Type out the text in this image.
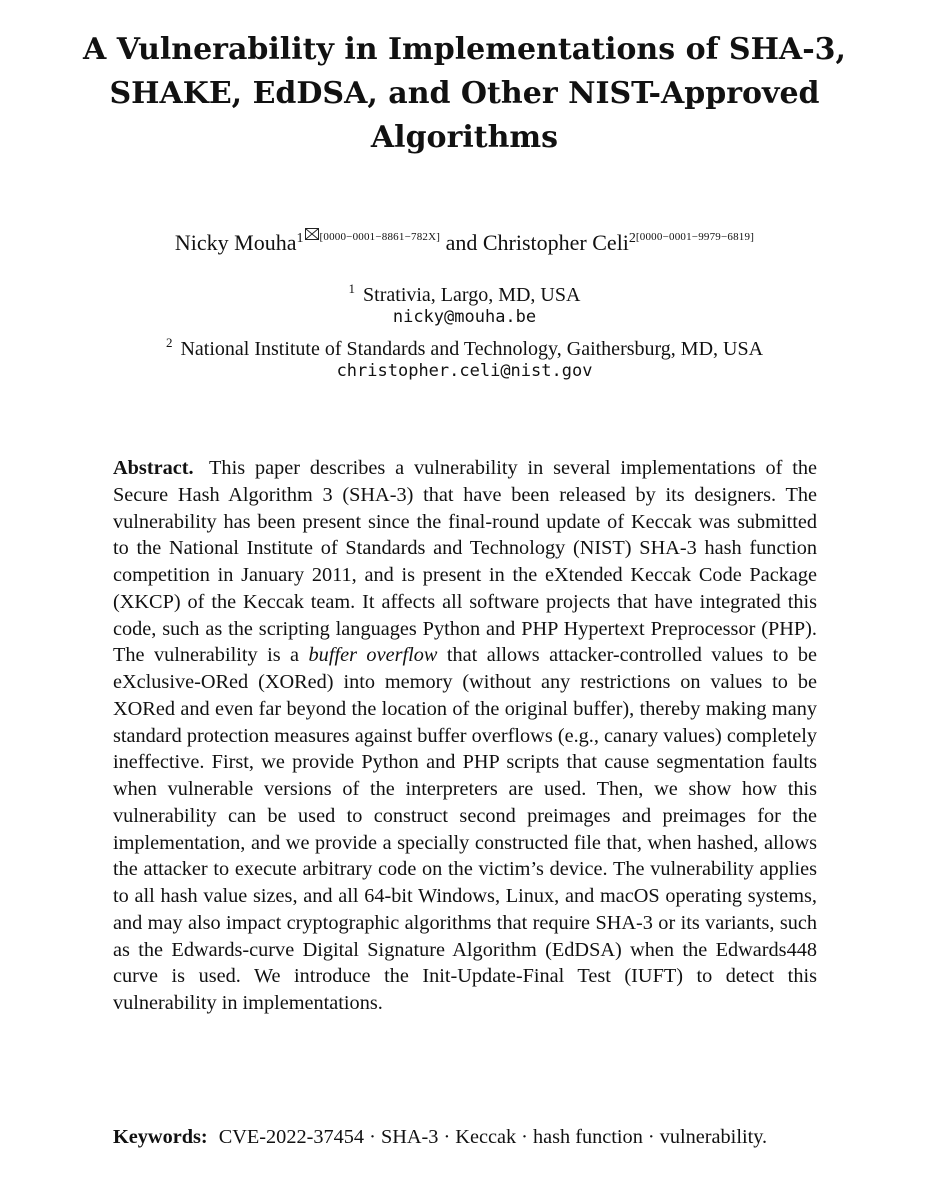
A Vulnerability in Implementations of SHA-3, SHAKE, EdDSA, and Other NIST-Approved Algorithms
Nicky Mouha$^1$ [0000−0001−8861−782X] and Christopher Celi$^{2[0000-0001-9979-6819]}$
$^1$ Strativia, Largo, MD, USA
nicky@mouha.be
$^2$ National Institute of Standards and Technology, Gaithersburg, MD, USA
christopher.celi@nist.gov
Abstract. This paper describes a vulnerability in several implementations of the Secure Hash Algorithm 3 (SHA-3) that have been released by its designers. The vulnerability has been present since the final-round update of Keccak was submitted to the National Institute of Standards and Technology (NIST) SHA-3 hash function competition in January 2011, and is present in the eXtended Keccak Code Package (XKCP) of the Keccak team. It affects all software projects that have integrated this code, such as the scripting languages Python and PHP Hypertext Preprocessor (PHP). The vulnerability is a buffer overflow that allows attacker-controlled values to be eXclusive-ORed (XORed) into memory (without any restrictions on values to be XORed and even far beyond the location of the original buffer), thereby making many standard protection measures against buffer overflows (e.g., canary values) completely ineffective. First, we provide Python and PHP scripts that cause segmentation faults when vulnerable versions of the interpreters are used. Then, we show how this vulnerability can be used to construct second preimages and preimages for the implementation, and we provide a specially constructed file that, when hashed, allows the attacker to execute arbitrary code on the victim’s device. The vulnerability applies to all hash value sizes, and all 64-bit Windows, Linux, and macOS operating systems, and may also impact cryptographic algorithms that require SHA-3 or its variants, such as the Edwards-curve Digital Signature Algorithm (EdDSA) when the Edwards448 curve is used. We introduce the Init-Update-Final Test (IUFT) to detect this vulnerability in implementations.
Keywords: CVE-2022-37454 · SHA-3 · Keccak · hash function · vulnerability.
